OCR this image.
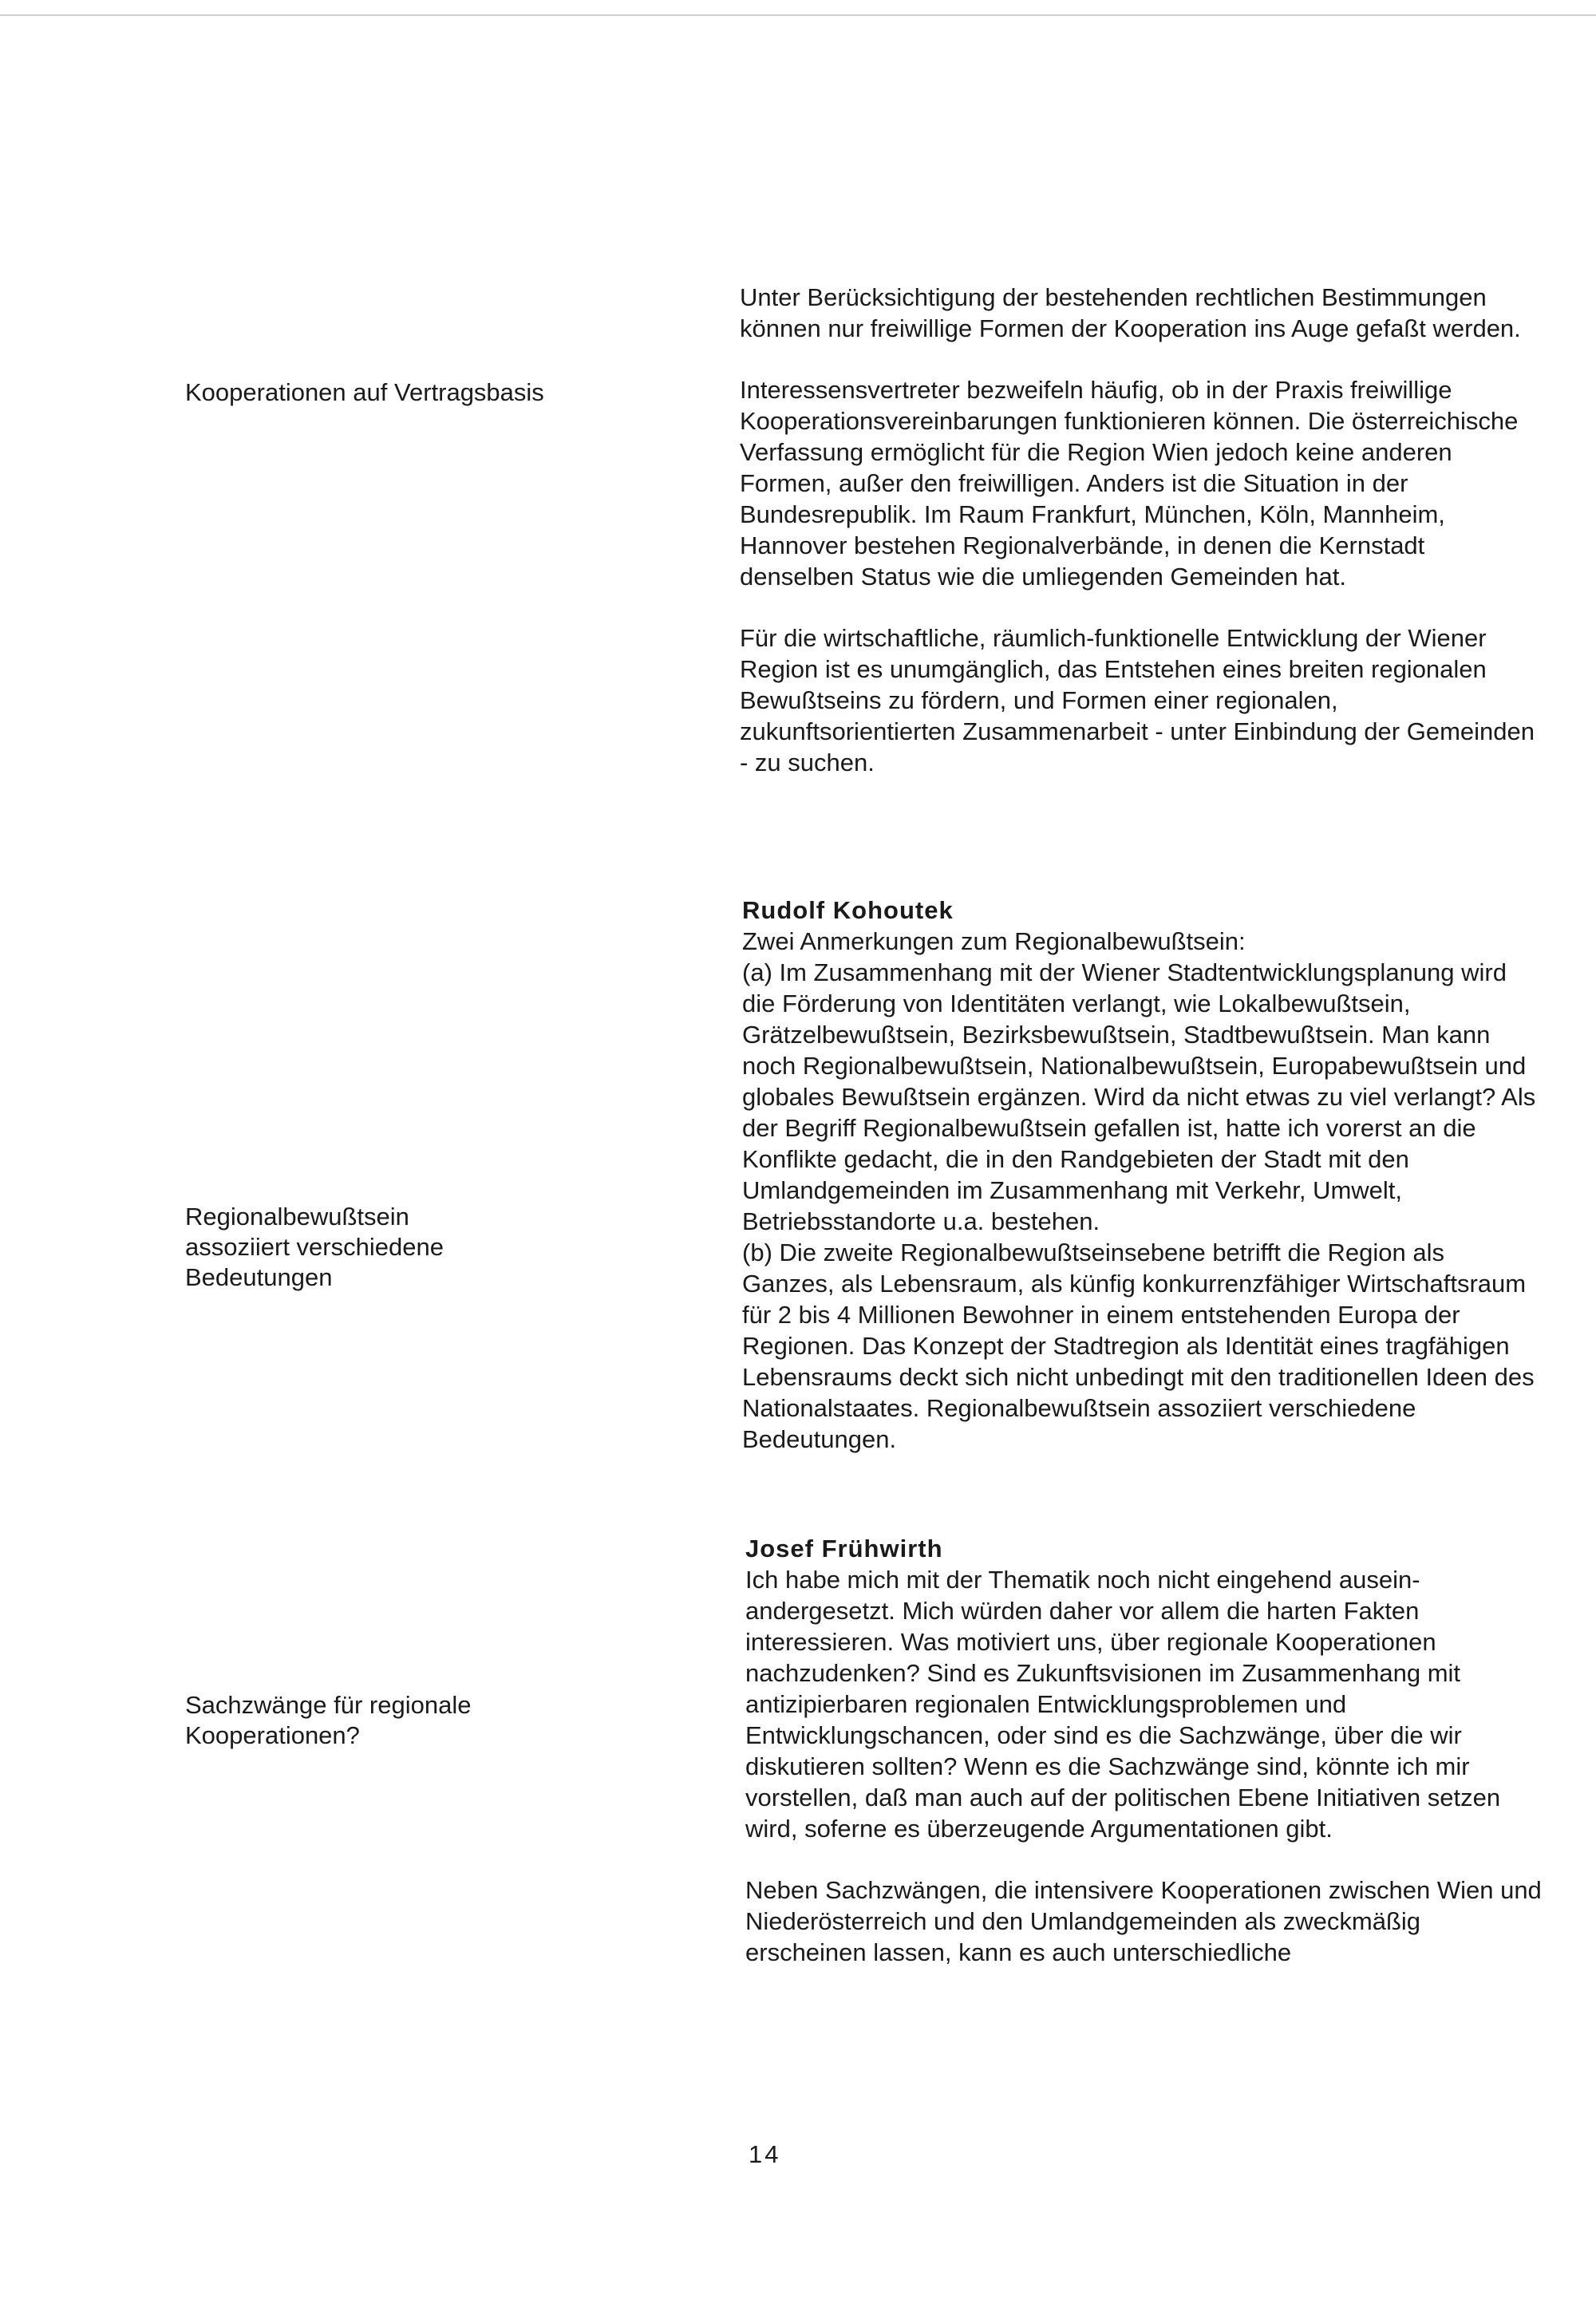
Kooperationen auf Vertragsbasis

Regionalbewußtsein assoziiert verschiedene Bedeutungen

Sachzwänge für regionale Kooperationen?

Unter Berücksichtigung der bestehenden rechtlichen Bestimmungen können nur freiwillige Formen der Kooperation ins Auge gefaßt werden.

Interessensvertreter bezweifeln häufig, ob in der Praxis freiwillige Kooperationsvereinbarungen funktionieren können. Die österreichische Verfassung ermöglicht für die Region Wien jedoch keine anderen Formen, außer den freiwilligen. Anders ist die Situation in der Bundesrepublik. Im Raum Frankfurt, München, Köln, Mannheim, Hannover bestehen Regionalverbände, in denen die Kernstadt denselben Status wie die umliegenden Gemeinden hat.

Für die wirtschaftliche, räumlich-funktionelle Entwicklung der Wiener Region ist es unumgänglich, das Entstehen eines breiten regionalen Bewußtseins zu fördern, und Formen einer regionalen, zukunftsorientierten Zusammenarbeit - unter Einbindung der Gemeinden - zu suchen.

Rudolf Kohoutek

Zwei Anmerkungen zum Regionalbewußtsein:
(a) Im Zusammenhang mit der Wiener Stadtentwicklungsplanung wird die Förderung von Identitäten verlangt, wie Lokalbewußtsein, Grätzelbewußtsein, Bezirksbewußtsein, Stadtbewußtsein. Man kann noch Regionalbewußtsein, Nationalbewußtsein, Europabewußtsein und globales Bewußtsein ergänzen. Wird da nicht etwas zu viel verlangt? Als der Begriff Regionalbewußtsein gefallen ist, hatte ich vorerst an die Konflikte gedacht, die in den Randgebieten der Stadt mit den Umlandgemeinden im Zusammenhang mit Verkehr, Umwelt, Betriebsstandorte u.a. bestehen.
(b) Die zweite Regionalbewußtseinsebene betrifft die Region als Ganzes, als Lebensraum, als künfig konkurrenzfähiger Wirtschaftsraum für 2 bis 4 Millionen Bewohner in einem entstehenden Europa der Regionen. Das Konzept der Stadtregion als Identität eines tragfähigen Lebensraums deckt sich nicht unbedingt mit den traditionellen Ideen des Nationalstaates. Regionalbewußtsein assoziiert verschiedene Bedeutungen.

Josef Frühwirth

Ich habe mich mit der Thematik noch nicht eingehend auseinandergesetzt. Mich würden daher vor allem die harten Fakten interessieren. Was motiviert uns, über regionale Kooperationen nachzudenken? Sind es Zukunftsvisionen im Zusammenhang mit antizipierbaren regionalen Entwicklungsproblemen und Entwicklungschancen, oder sind es die Sachzwänge, über die wir diskutieren sollten? Wenn es die Sachzwänge sind, könnte ich mir vorstellen, daß man auch auf der politischen Ebene Initiativen setzen wird, soferne es überzeugende Argumentationen gibt.

Neben Sachzwängen, die intensivere Kooperationen zwischen Wien und Niederösterreich und den Umlandgemeinden als zweckmäßig erscheinen lassen, kann es auch unterschiedliche

14
